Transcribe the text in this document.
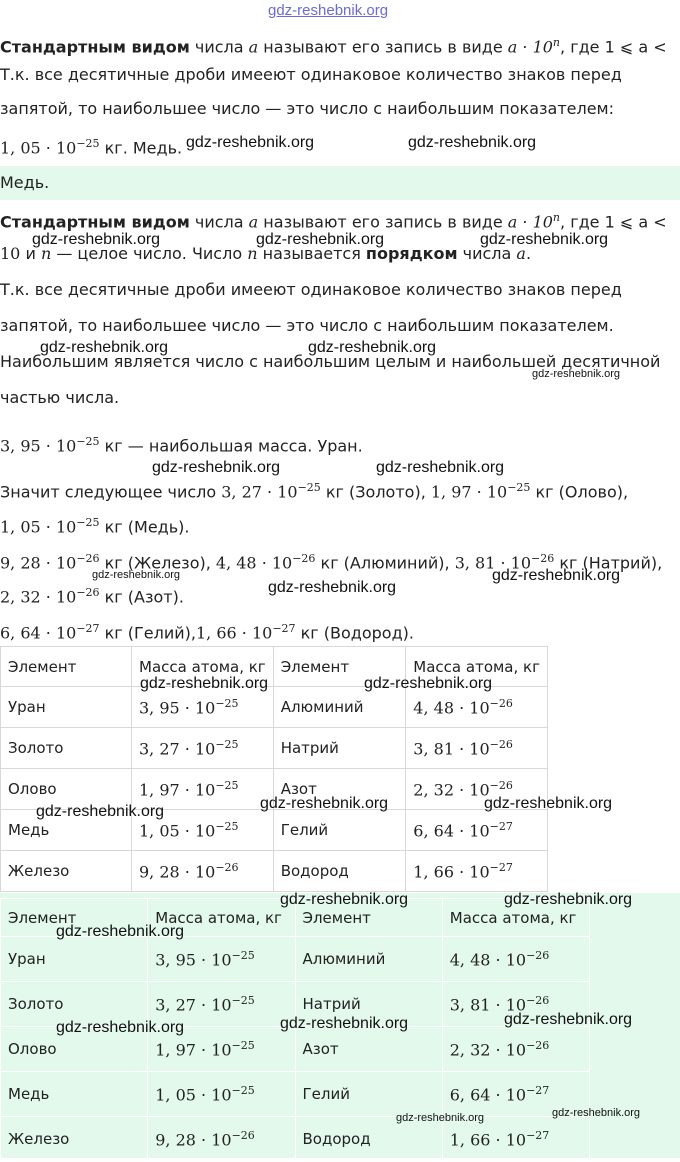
gdz-reshebnik.org
Стандартным видом числа a называют его запись в виде $a \cdot 10^n$, где 1 ⩽ a <
Т.к. все десятичные дроби имееют одинаковое количество знаков перед
запятой, то наибольшее число — это число с наибольшим показателем:
1, $05 \cdot 10^{-25}$ кг. Медь.
Медь.
Стандартным видом числа a называют его запись в виде $a \cdot 10^n$, где 1 ⩽ a <
10 и n — целое число. Число n называется порядком числа a.
Т.к. все десятичные дроби имееют одинаковое количество знаков перед
запятой, то наибольшее число — это число с наибольшим показателем.
Наибольшим является число с наибольшим целым и наибольшей десятичной
частью числа.
3, $95 \cdot 10^{-25}$ кг — наибольшая масса. Уран.
Значит следующее число 3, $27 \cdot 10^{-25}$ кг (Золото), 1, $97 \cdot 10^{-25}$ кг (Олово),
1, $05 \cdot 10^{-25}$ кг (Медь).
9, $28 \cdot 10^{-26}$ кг (Железо), 4, $48 \cdot 10^{-26}$ кг (Алюминий), 3, $81 \cdot 10^{-26}$ кг (Натрий),
2, $32 \cdot 10^{-26}$ кг (Азот).
6, $64 \cdot 10^{-27}$ кг (Гелий),1, $66 \cdot 10^{-27}$ кг (Водород).
Элемент	Масса атома, кг	Элемент	Масса атома, кг
Уран	3, $95 \cdot 10^{-25}$	Алюминий	4, $48 \cdot 10^{-26}$
Золото	3, $27 \cdot 10^{-25}$	Натрий	3, $81 \cdot 10^{-26}$
Олово	1, $97 \cdot 10^{-25}$	Азот	2, $32 \cdot 10^{-26}$
Медь	1, $05 \cdot 10^{-25}$	Гелий	6, $64 \cdot 10^{-27}$
Железо	9, $28 \cdot 10^{-26}$	Водород	1, $66 \cdot 10^{-27}$
Элемент	Масса атома, кг	Элемент	Масса атома, кг
Уран	3, $95 \cdot 10^{-25}$	Алюминий	4, $48 \cdot 10^{-26}$
Золото	3, $27 \cdot 10^{-25}$	Натрий	3, $81 \cdot 10^{-26}$
Олово	1, $97 \cdot 10^{-25}$	Азот	2, $32 \cdot 10^{-26}$
Медь	1, $05 \cdot 10^{-25}$	Гелий	6, $64 \cdot 10^{-27}$
Железо	9, $28 \cdot 10^{-26}$	Водород	1, $66 \cdot 10^{-27}$
gdz-reshebnik.org	gdz-reshebnik.org
gdz-reshebnik.org	gdz-reshebnik.org	gdz-reshebnik.org
gdz-reshebnik.org	gdz-reshebnik.org
gdz-reshebnik.org
gdz-reshebnik.org	gdz-reshebnik.org
gdz-reshebnik.org
gdz-reshebnik.org
gdz-reshebnik.org
gdz-reshebnik.org	gdz-reshebnik.org
gdz-reshebnik.org	gdz-reshebnik.org	gdz-reshebnik.org
gdz-reshebnik.org	gdz-reshebnik.org
gdz-reshebnik.org
gdz-reshebnik.org	gdz-reshebnik.org	gdz-reshebnik.org
gdz-reshebnik.org	gdz-reshebnik.org
